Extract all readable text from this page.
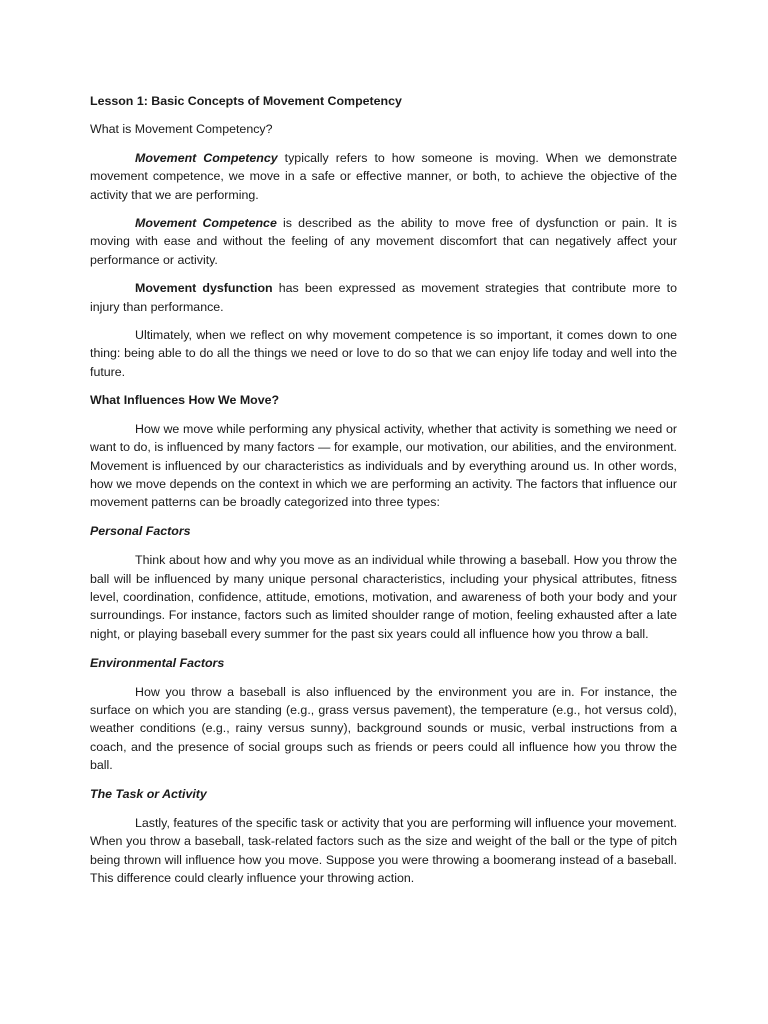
Lesson 1: Basic Concepts of Movement Competency

What is Movement Competency?

Movement Competency typically refers to how someone is moving. When we demonstrate movement competence, we move in a safe or effective manner, or both, to achieve the objective of the activity that we are performing.

Movement Competence is described as the ability to move free of dysfunction or pain. It is moving with ease and without the feeling of any movement discomfort that can negatively affect your performance or activity.

Movement dysfunction has been expressed as movement strategies that contribute more to injury than performance.

Ultimately, when we reflect on why movement competence is so important, it comes down to one thing: being able to do all the things we need or love to do so that we can enjoy life today and well into the future.

What Influences How We Move?

How we move while performing any physical activity, whether that activity is something we need or want to do, is influenced by many factors — for example, our motivation, our abilities, and the environment. Movement is influenced by our characteristics as individuals and by everything around us. In other words, how we move depends on the context in which we are performing an activity. The factors that influence our movement patterns can be broadly categorized into three types:

Personal Factors

Think about how and why you move as an individual while throwing a baseball. How you throw the ball will be influenced by many unique personal characteristics, including your physical attributes, fitness level, coordination, confidence, attitude, emotions, motivation, and awareness of both your body and your surroundings. For instance, factors such as limited shoulder range of motion, feeling exhausted after a late night, or playing baseball every summer for the past six years could all influence how you throw a ball.

Environmental Factors

How you throw a baseball is also influenced by the environment you are in. For instance, the surface on which you are standing (e.g., grass versus pavement), the temperature (e.g., hot versus cold), weather conditions (e.g., rainy versus sunny), background sounds or music, verbal instructions from a coach, and the presence of social groups such as friends or peers could all influence how you throw the ball.

The Task or Activity

Lastly, features of the specific task or activity that you are performing will influence your movement. When you throw a baseball, task-related factors such as the size and weight of the ball or the type of pitch being thrown will influence how you move. Suppose you were throwing a boomerang instead of a baseball. This difference could clearly influence your throwing action.
